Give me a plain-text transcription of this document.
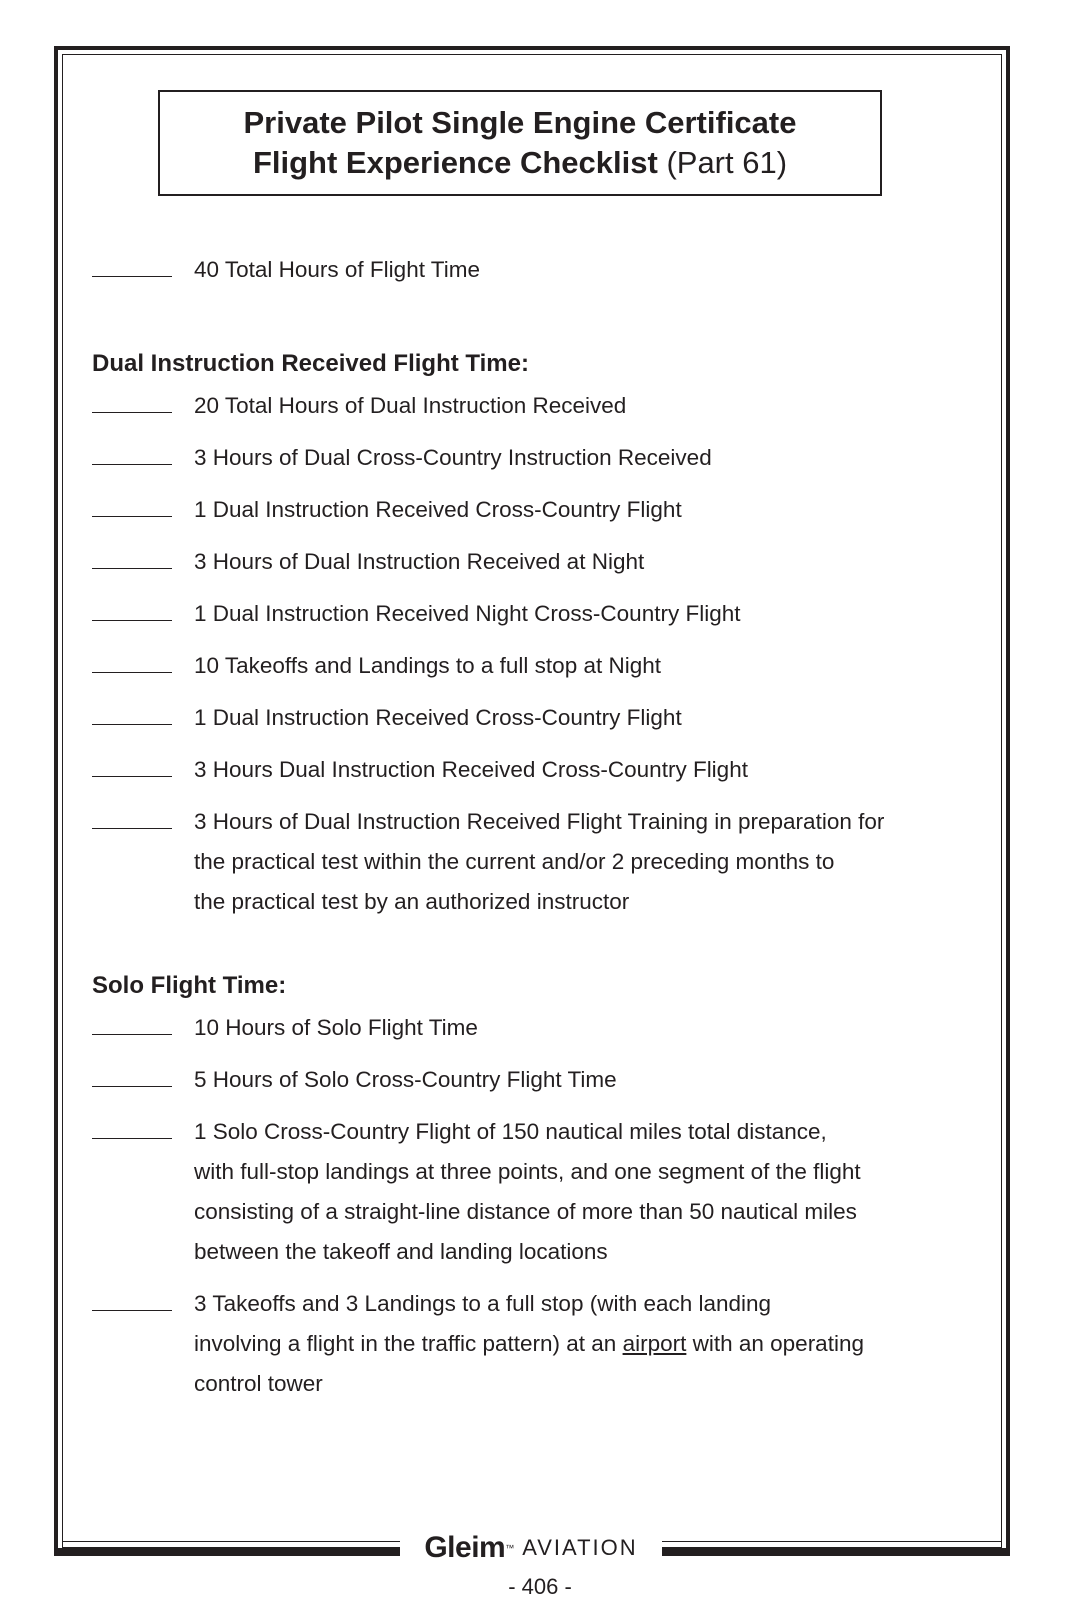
Private Pilot Single Engine Certificate
Flight Experience Checklist (Part 61)
40 Total Hours of Flight Time
Dual Instruction Received Flight Time:
20 Total Hours of Dual Instruction Received
3 Hours of Dual Cross-Country Instruction Received
1 Dual Instruction Received Cross-Country Flight
3 Hours of Dual Instruction Received at Night
1 Dual Instruction Received Night Cross-Country Flight
10 Takeoffs and Landings to a full stop at Night
1 Dual Instruction Received Cross-Country Flight
3 Hours Dual Instruction Received Cross-Country Flight
3 Hours of Dual Instruction Received Flight Training in preparation for
the practical test within the current and/or 2 preceding months to
the practical test by an authorized instructor
Solo Flight Time:
10 Hours of Solo Flight Time
5 Hours of Solo Cross-Country Flight Time
1 Solo Cross-Country Flight of 150 nautical miles total distance,
with full-stop landings at three points, and one segment of the flight
consisting of a straight-line distance of more than 50 nautical miles
between the takeoff and landing locations
3 Takeoffs and 3 Landings to a full stop (with each landing
involving a flight in the traffic pattern) at an airport with an operating
control tower
Gleim ™ AVIATION
- 406 -
